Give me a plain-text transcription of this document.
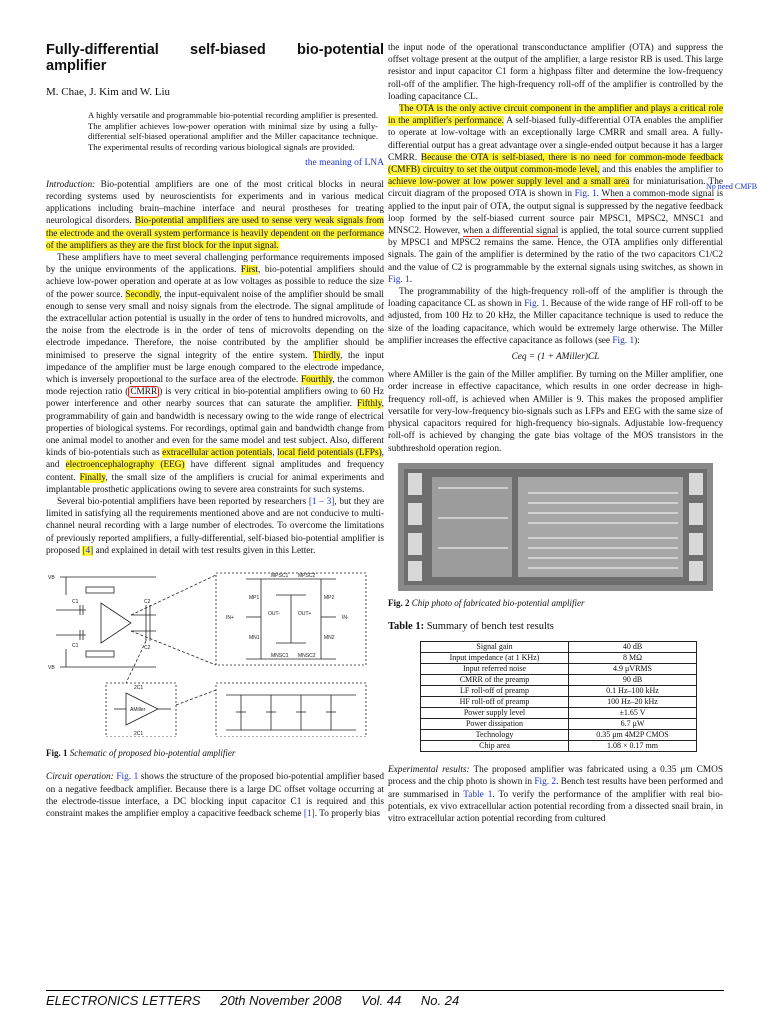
Fully-differential self-biased bio-potential amplifier
M. Chae, J. Kim and W. Liu
A highly versatile and programmable bio-potential recording amplifier is presented. The amplifier achieves low-power operation with minimal size by using a fully-differential self-biased operational amplifier and the Miller capacitance technique. The experimental results of recording various biological signals are provided.
the meaning of LNA

Introduction: Bio-potential amplifiers are one of the most critical blocks in neural recording systems used by neuroscientists for experiments and in various medical applications including brain–machine interface and neural prostheses for treating neurological disorders. Bio-potential amplifiers are used to sense very weak signals from the electrode and the overall system performance is heavily dependent on the performance of the amplifiers as they are the first block for the input signal.

These amplifiers have to meet several challenging performance requirements imposed by the unique environments of the applications. First, bio-potential amplifiers should achieve low-power operation and operate at as low voltages as possible to reduce the size of the power source. Secondly, the input-equivalent noise of the amplifier should be small enough to sense very small and noisy signals from the electrode. The signal amplitude of the extracellular action potential is usually in the order of tens to hundred microvolts, and the noise from the electrode is in the order of tens of microvolts depending on the electrode impedance. Therefore, the noise contributed by the amplifier should be minimised to preserve the signal integrity of the entire system. Thirdly, the input impedance of the amplifier must be large enough compared to the electrode impedance, which is inversely proportional to the surface area of the electrode. Fourthly, the common mode rejection ratio ( CMRR ) is very critical in bio-potential amplifiers owing to 60 Hz power interference and other nearby sources that can saturate the amplifier. Fifthly, programmability of gain and bandwidth is necessary owing to the wide range of electrical properties of biological systems. For recordings, optimal gain and bandwidth change from one animal model to another and even for the same model and test subject. Also, different kinds of bio-potentials such as extracellular action potentials, local field potentials (LFPs), and electroencephalography (EEG) have different signal amplitudes and frequency content. Finally, the small size of the amplifiers is crucial for animal experiments and implantable prosthetic applications owing to severe area constraints for such systems.

Several bio-potential amplifiers have been reported by researchers [1 – 3], but they are limited in satisfying all the requirements mentioned above and are not conducive to multi-channel neural recording with a large number of electrodes. To overcome the limitations of previously reported amplifiers, a fully-differential, self-biased bio-potential amplifier is proposed [4] and explained in detail with test results given in this Letter.

VB
VB
C1
C1
C2
C2
MPSC1 MPSC2
MP1	MP2
MN1	MN2
MNSC1 MNSC2
IN+	IN-
OUT-	OUT+
AMiller
2C1
2C1
Fig. 1 Schematic of proposed bio-potential amplifier

Circuit operation: Fig. 1 shows the structure of the proposed bio-potential amplifier based on a negative feedback amplifier. Because there is a large DC offset voltage occurring at the electrode-tissue interface, a DC blocking input capacitor C1 is required and this constraint makes the amplifier employ a capacitive feedback scheme [1]. To properly bias

No need CMFB

the input node of the operational transconductance amplifier (OTA) and suppress the offset voltage present at the output of the amplifier, a large resistor RB is used. This large resistor and input capacitor C1 form a highpass filter and determine the low-frequency roll-off of the amplifier. The high-frequency roll-off of the amplifier is controlled by the loading capacitance CL.

The OTA is the only active circuit component in the amplifier and plays a critical role in the amplifier's performance. A self-biased fully-differential OTA enables the amplifier to operate at low-voltage with an exceptionally large CMRR and small area. A fully-differential output has a great advantage over a single-ended output because it has a larger CMRR. Because the OTA is self-biased, there is no need for common-mode feedback (CMFB) circuitry to set the output common-mode level, and this enables the amplifier to achieve low-power at low power supply level and a small area for miniaturisation. The circuit diagram of the proposed OTA is shown in Fig. 1. When a common-mode signal is applied to the input pair of OTA, the output signal is suppressed by the negative feedback loop formed by the self-biased current source pair MPSC1, MPSC2, MNSC1 and MNSC2. However, when a differential signal is applied, the total source current supplied by MPSC1 and MPSC2 remains the same. Hence, the OTA amplifies only differential signals. The gain of the amplifier is determined by the ratio of the two capacitors C1/C2 and the value of C2 is programmable by the external signals using switches, as shown in Fig. 1.

The programmability of the high-frequency roll-off of the amplifier is through the loading capacitance CL as shown in Fig. 1. Because of the wide range of HF roll-off to be adjusted, from 100 Hz to 20 kHz, the Miller capacitance technique is used to reduce the size of the loading capacitance, which would be extremely large otherwise. The Miller amplifier increases the effective capacitance as follows (see Fig. 1):

Ceq = (1 + AMiller)CL

where AMiller is the gain of the Miller amplifier. By turning on the Miller amplifier, one order increase in effective capacitance, which results in one order decrease in high-frequency roll-off, is achieved when AMiller is 9. This makes the proposed amplifier versatile for very-low-frequency bio-signals such as LFPs and EEG with the same size of physical capacitors required for high-frequency bio-signals. Adjustable low-frequency roll-off is achieved by changing the gate bias voltage of the MOS transistors in the subthreshold operation region.

Fig. 2 Chip photo of fabricated bio-potential amplifier
Table 1: Summary of bench test results
Signal gain	40 dB
Input impedance (at 1 KHz)	8 MΩ
Input referred noise	4.9 μVRMS
CMRR of the preamp	90 dB
LF roll-off of preamp	0.1 Hz–100 kHz
HF roll-off of preamp	100 Hz–20 kHz
Power supply level	±1.65 V
Power dissipation	6.7 μW
Technology	0.35 μm 4M2P CMOS
Chip area	1.08 × 0.17 mm

Experimental results: The proposed amplifier was fabricated using a 0.35 μm CMOS process and the chip photo is shown in Fig. 2. Bench test results have been performed and are summarised in Table 1. To verify the performance of the amplifier with real bio-potentials, ex vivo extracellular action potential recording from a dissected snail brain, in vitro extracellular action potential recording from cultured

ELECTRONICS LETTERS 20th November 2008 Vol. 44 No. 24
